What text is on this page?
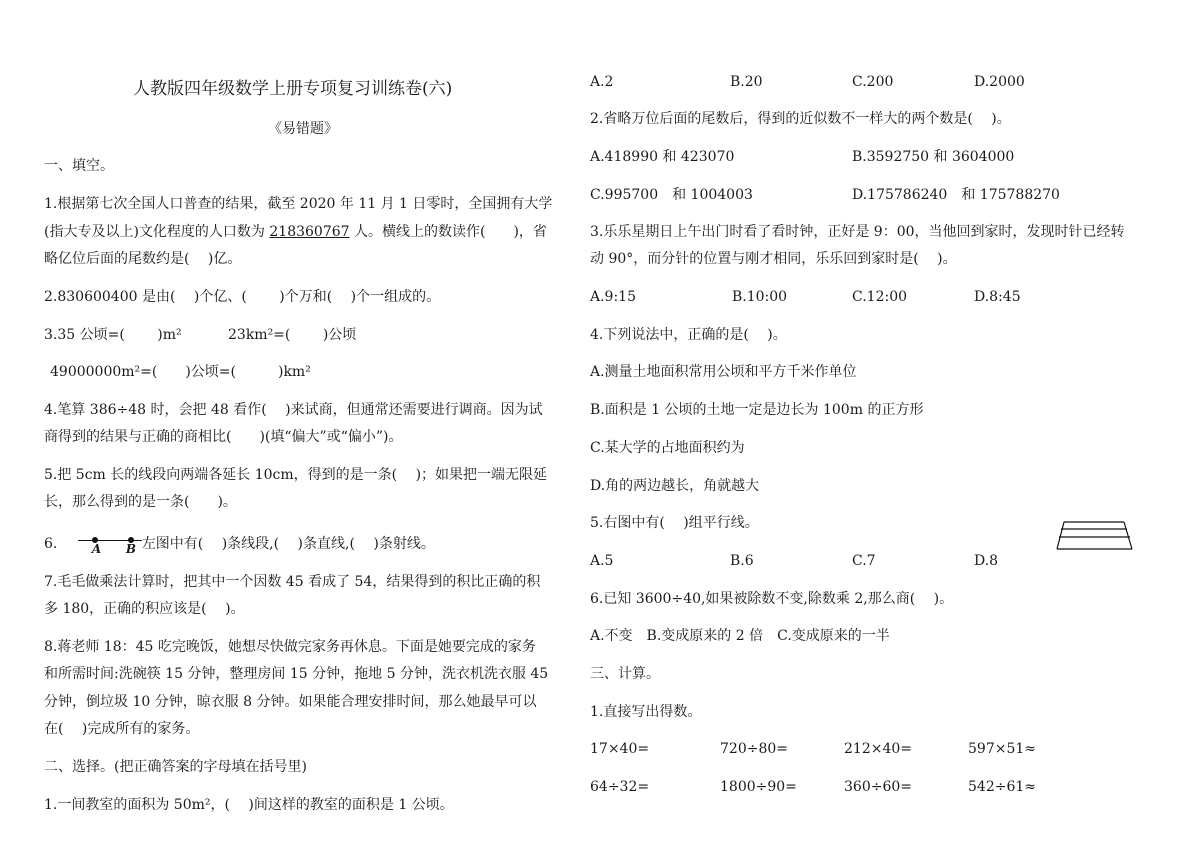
人教版四年级数学上册专项复习训练卷(六)
《易错题》
一、填空。
1.根据第七次全国人口普查的结果，截至 2020 年 11 月 1 日零时，全国拥有大学
(指大专及以上)文化程度的人口数为 218360767 人。横线上的数读作(　　)，省
略亿位后面的尾数约是(　 )亿。
2.830600400 是由(　 )个亿、(　　 )个万和(　 )个一组成的。
3.35 公顷=(　　 )m²	23km²=(　　 )公顷
49000000m²=(　　)公顷=(　　　)km²
4.笔算 386÷48 时，会把 48 看作(　 )来试商，但通常还需要进行调商。因为试
商得到的结果与正确的商相比(　　)(填“偏大”或“偏小”)。
5.把 5cm 长的线段向两端各延长 10cm，得到的是一条(　 )；如果把一端无限延
长，那么得到的是一条(　　)。
6.	A B 左图中有(　 )条线段,(　 )条直线,(　 )条射线。
7.毛毛做乘法计算时，把其中一个因数 45 看成了 54，结果得到的积比正确的积
多 180，正确的积应该是(　 )。
8.蒋老师 18：45 吃完晚饭，她想尽快做完家务再休息。下面是她要完成的家务
和所需时间:洗碗筷 15 分钟，整理房间 15 分钟，拖地 5 分钟，洗衣机洗衣服 45
分钟，倒垃圾 10 分钟，晾衣服 8 分钟。如果能合理安排时间，那么她最早可以
在(　 )完成所有的家务。
二、选择。(把正确答案的字母填在括号里)
1.一间教室的面积为 50m²，(　 )间这样的教室的面积是 1 公顷。
A.2	B.20	C.200	D.2000
2.省略万位后面的尾数后，得到的近似数不一样大的两个数是(　 )。
A.418990 和 423070	B.3592750 和 3604000
C.995700　和 1004003	D.175786240　和 175788270
3.乐乐星期日上午出门时看了看时钟，正好是 9：00，当他回到家时，发现时针已经转
动 90°，而分针的位置与刚才相同，乐乐回到家时是(　 )。
A.9:15	B.10:00	C.12:00	D.8:45
4.下列说法中，正确的是(　 )。
A.测量土地面积常用公顷和平方千米作单位
B.面积是 1 公顷的土地一定是边长为 100m 的正方形
C.某大学的占地面积约为
D.角的两边越长，角就越大
5.右图中有(　 )组平行线。
A.5	B.6	C.7	D.8
6.已知 3600÷40,如果被除数不变,除数乘 2,那么商(　 )。
A.不变　B.变成原来的 2 倍　C.变成原来的一半
三、计算。
1.直接写出得数。
17×40=	720÷80=	212×40=	597×51≈
64÷32=	1800÷90=	360÷60=	542÷61≈
